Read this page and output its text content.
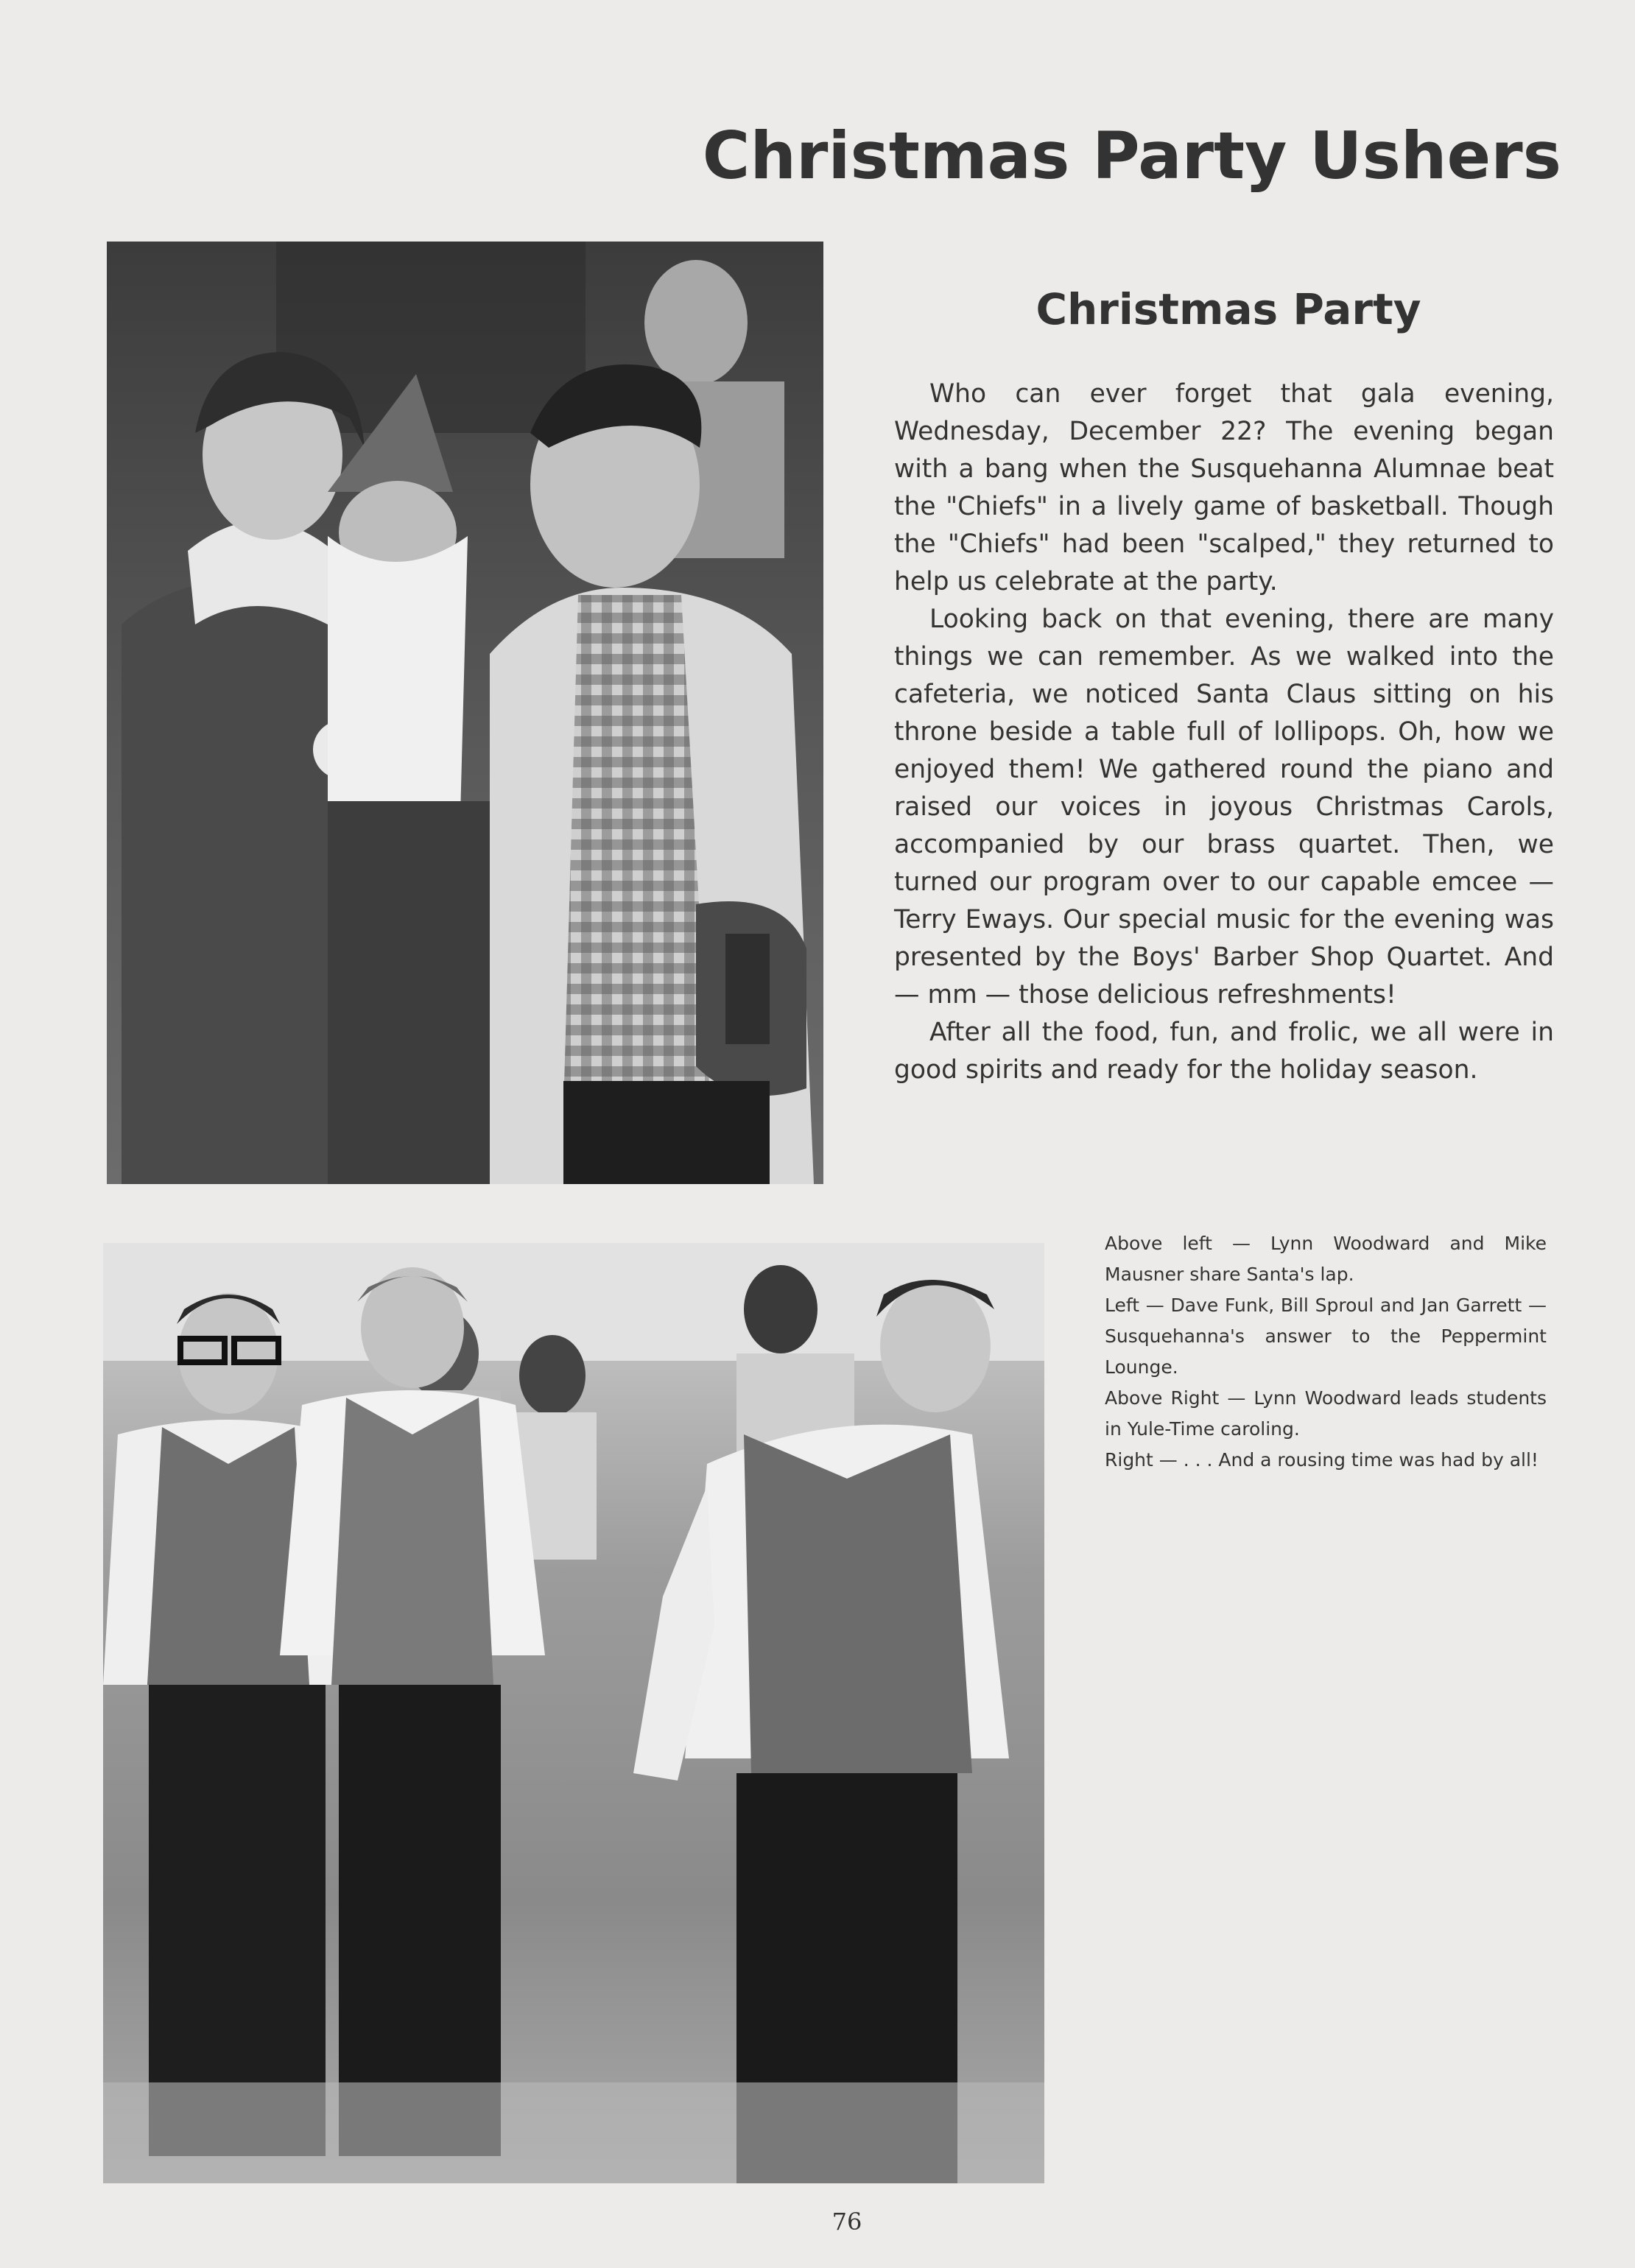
Christmas Party Ushers
Christmas Party

Who can ever forget that gala evening, Wednesday, December 22? The evening began with a bang when the Susquehanna Alumnae beat the "Chiefs" in a lively game of basketball. Though the "Chiefs" had been "scalped," they returned to help us celebrate at the party.

Looking back on that evening, there are many things we can remember. As we walked into the cafeteria, we noticed Santa Claus sitting on his throne beside a table full of lollipops. Oh, how we enjoyed them! We gathered round the piano and raised our voices in joyous Christmas Carols, accompanied by our brass quartet. Then, we turned our program over to our capable emcee — Terry Eways. Our special music for the evening was presented by the Boys' Barber Shop Quartet. And — mm — those delicious refreshments!

After all the food, fun, and frolic, we all were in good spirits and ready for the holiday season.

Above left — Lynn Woodward and Mike Mausner share Santa's lap.

Left — Dave Funk, Bill Sproul and Jan Garrett — Susquehanna's answer to the Peppermint Lounge.

Above Right — Lynn Woodward leads students in Yule-Time caroling.

Right — . . . And a rousing time was had by all!

76
